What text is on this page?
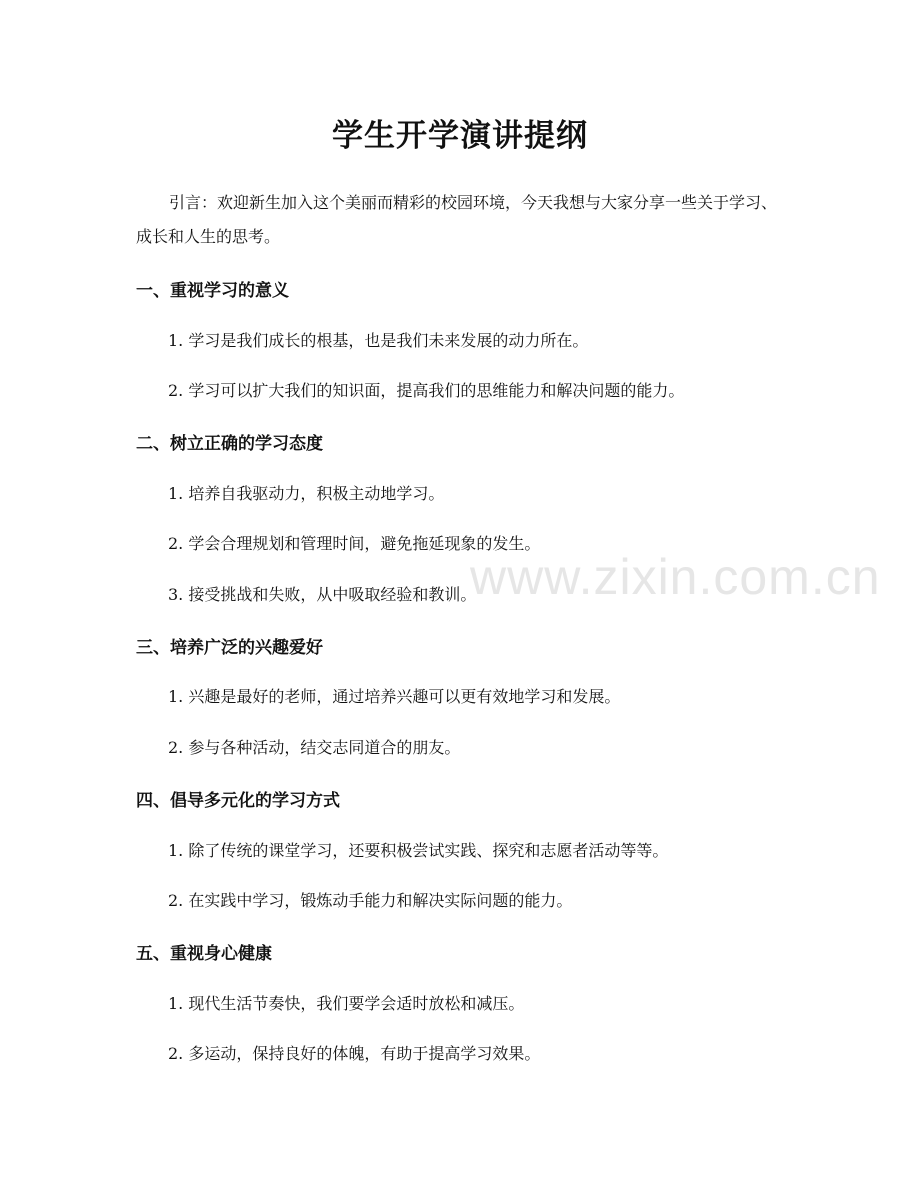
www.zixin.com.cn
学生开学演讲提纲

引言：欢迎新生加入这个美丽而精彩的校园环境，今天我想与大家分享一些关于学习、成长和人生的思考。

一、重视学习的意义
1. 学习是我们成长的根基，也是我们未来发展的动力所在。
2. 学习可以扩大我们的知识面，提高我们的思维能力和解决问题的能力。
二、树立正确的学习态度
1. 培养自我驱动力，积极主动地学习。
2. 学会合理规划和管理时间，避免拖延现象的发生。
3. 接受挑战和失败，从中吸取经验和教训。
三、培养广泛的兴趣爱好
1. 兴趣是最好的老师，通过培养兴趣可以更有效地学习和发展。
2. 参与各种活动，结交志同道合的朋友。
四、倡导多元化的学习方式
1. 除了传统的课堂学习，还要积极尝试实践、探究和志愿者活动等等。
2. 在实践中学习，锻炼动手能力和解决实际问题的能力。
五、重视身心健康
1. 现代生活节奏快，我们要学会适时放松和减压。
2. 多运动，保持良好的体魄，有助于提高学习效果。
